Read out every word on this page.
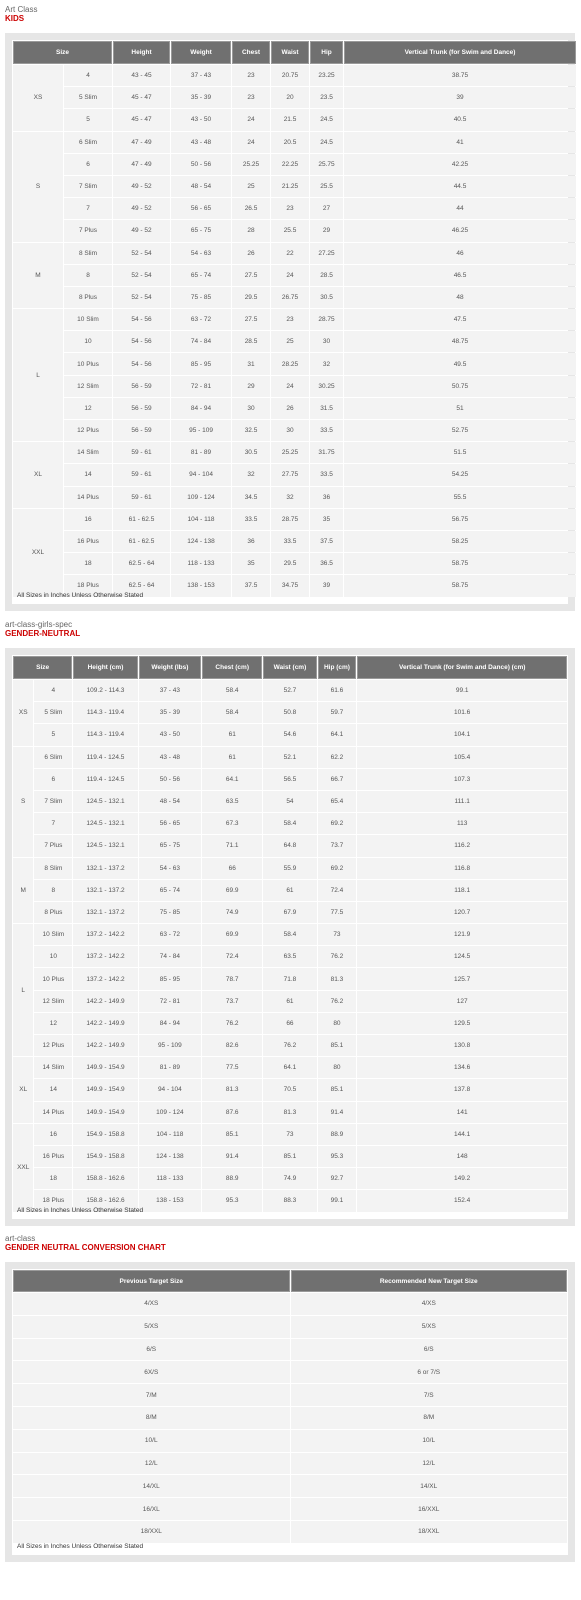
Art Class
KIDS
Size		Height	Weight	Chest	Waist	Hip	Vertical Trunk (for Swim and Dance)
XS	4	43 - 45	37 - 43	23	20.75	23.25	38.75
	5 Slim	45 - 47	35 - 39	23	20	23.5	39
	5	45 - 47	43 - 50	24	21.5	24.5	40.5
S	6 Slim	47 - 49	43 - 48	24	20.5	24.5	41
	6	47 - 49	50 - 56	25.25	22.25	25.75	42.25
	7 Slim	49 - 52	48 - 54	25	21.25	25.5	44.5
	7	49 - 52	56 - 65	26.5	23	27	44
	7 Plus	49 - 52	65 - 75	28	25.5	29	46.25
M	8 Slim	52 - 54	54 - 63	26	22	27.25	46
	8	52 - 54	65 - 74	27.5	24	28.5	46.5
	8 Plus	52 - 54	75 - 85	29.5	26.75	30.5	48
L	10 Slim	54 - 56	63 - 72	27.5	23	28.75	47.5
	10	54 - 56	74 - 84	28.5	25	30	48.75
	10 Plus	54 - 56	85 - 95	31	28.25	32	49.5
	12 Slim	56 - 59	72 - 81	29	24	30.25	50.75
	12	56 - 59	84 - 94	30	26	31.5	51
	12 Plus	56 - 59	95 - 109	32.5	30	33.5	52.75
XL	14 Slim	59 - 61	81 - 89	30.5	25.25	31.75	51.5
	14	59 - 61	94 - 104	32	27.75	33.5	54.25
	14 Plus	59 - 61	109 - 124	34.5	32	36	55.5
XXL	16	61 - 62.5	104 - 118	33.5	28.75	35	56.75
	16 Plus	61 - 62.5	124 - 138	36	33.5	37.5	58.25
	18	62.5 - 64	118 - 133	35	29.5	36.5	58.75
	18 Plus	62.5 - 64	138 - 153	37.5	34.75	39	58.75
All Sizes in Inches Unless Otherwise Stated
art-class-girls-spec
GENDER-NEUTRAL
Size		Height (cm)	Weight (lbs)	Chest (cm)	Waist (cm)	Hip (cm)	Vertical Trunk (for Swim and Dance) (cm)
XS	4	109.2 - 114.3	37 - 43	58.4	52.7	61.6	99.1
	5 Slim	114.3 - 119.4	35 - 39	58.4	50.8	59.7	101.6
	5	114.3 - 119.4	43 - 50	61	54.6	64.1	104.1
S	6 Slim	119.4 - 124.5	43 - 48	61	52.1	62.2	105.4
	6	119.4 - 124.5	50 - 56	64.1	56.5	66.7	107.3
	7 Slim	124.5 - 132.1	48 - 54	63.5	54	65.4	111.1
	7	124.5 - 132.1	56 - 65	67.3	58.4	69.2	113
	7 Plus	124.5 - 132.1	65 - 75	71.1	64.8	73.7	116.2
M	8 Slim	132.1 - 137.2	54 - 63	66	55.9	69.2	116.8
	8	132.1 - 137.2	65 - 74	69.9	61	72.4	118.1
	8 Plus	132.1 - 137.2	75 - 85	74.9	67.9	77.5	120.7
L	10 Slim	137.2 - 142.2	63 - 72	69.9	58.4	73	121.9
	10	137.2 - 142.2	74 - 84	72.4	63.5	76.2	124.5
	10 Plus	137.2 - 142.2	85 - 95	78.7	71.8	81.3	125.7
	12 Slim	142.2 - 149.9	72 - 81	73.7	61	76.2	127
	12	142.2 - 149.9	84 - 94	76.2	66	80	129.5
	12 Plus	142.2 - 149.9	95 - 109	82.6	76.2	85.1	130.8
XL	14 Slim	149.9 - 154.9	81 - 89	77.5	64.1	80	134.6
	14	149.9 - 154.9	94 - 104	81.3	70.5	85.1	137.8
	14 Plus	149.9 - 154.9	109 - 124	87.6	81.3	91.4	141
XXL	16	154.9 - 158.8	104 - 118	85.1	73	88.9	144.1
	16 Plus	154.9 - 158.8	124 - 138	91.4	85.1	95.3	148
	18	158.8 - 162.6	118 - 133	88.9	74.9	92.7	149.2
	18 Plus	158.8 - 162.6	138 - 153	95.3	88.3	99.1	152.4
All Sizes in Inches Unless Otherwise Stated
art-class
GENDER NEUTRAL CONVERSION CHART
Previous Target Size	Recommended New Target Size
4/XS	4/XS
5/XS	5/XS
6/S	6/S
6X/S	6 or 7/S
7/M	7/S
8/M	8/M
10/L	10/L
12/L	12/L
14/XL	14/XL
16/XL	16/XXL
18/XXL	18/XXL
All Sizes in Inches Unless Otherwise Stated
